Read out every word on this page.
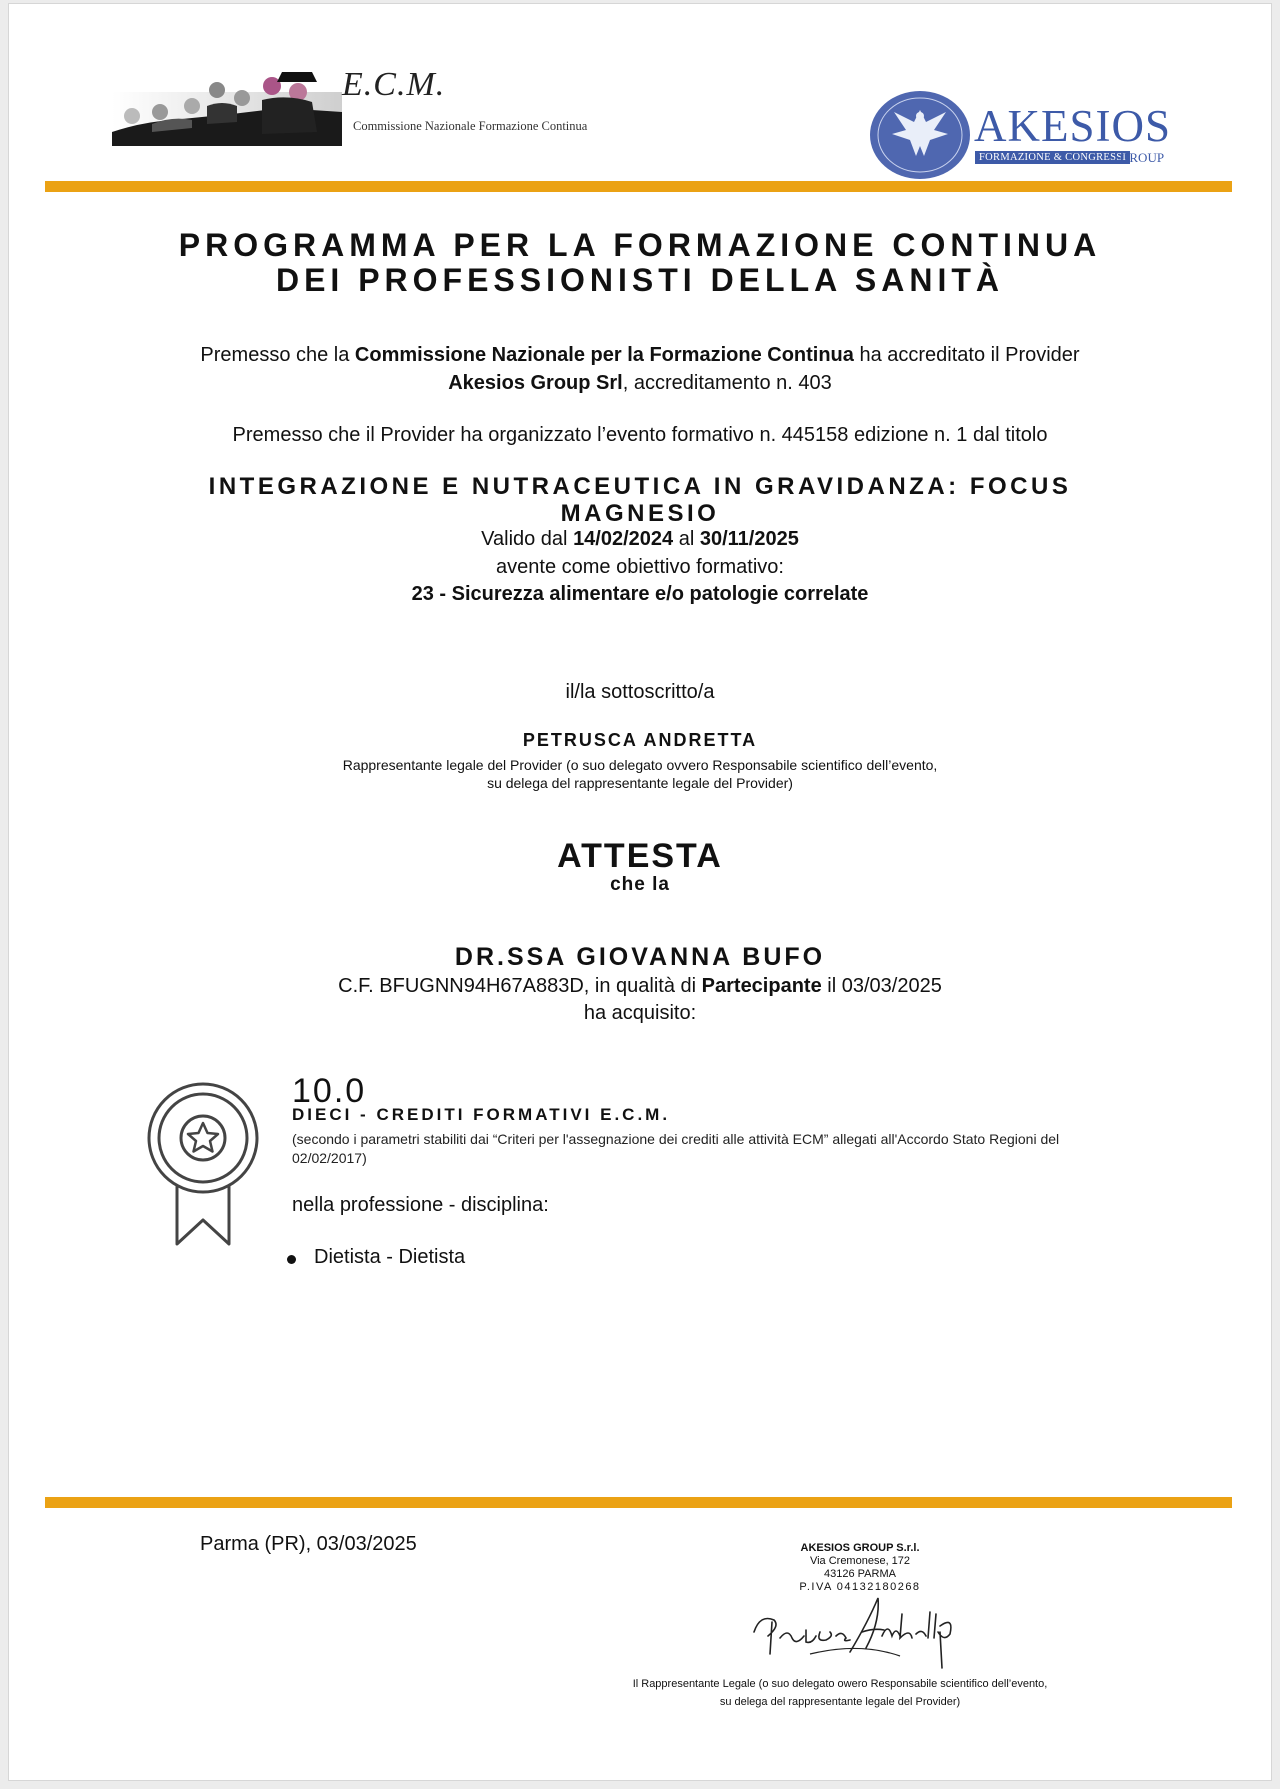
E.C.M.
Commissione Nazionale Formazione Continua	AKESIOS
FORMAZIONE & CONGRESSI
GROUP
PROGRAMMA PER LA FORMAZIONE CONTINUA
DEI PROFESSIONISTI DELLA SANITÀ
Premesso che la Commissione Nazionale per la Formazione Continua ha accreditato il Provider
Akesios Group Srl, accreditamento n. 403
Premesso che il Provider ha organizzato l’evento formativo n. 445158 edizione n. 1 dal titolo
INTEGRAZIONE E NUTRACEUTICA IN GRAVIDANZA: FOCUS MAGNESIO
Valido dal 14/02/2024 al 30/11/2025
avente come obiettivo formativo:
23 - Sicurezza alimentare e/o patologie correlate
il/la sottoscritto/a
PETRUSCA ANDRETTA
Rappresentante legale del Provider (o suo delegato ovvero Responsabile scientifico dell’evento,
su delega del rappresentante legale del Provider)
ATTESTA
che la
DR.SSA GIOVANNA BUFO
C.F. BFUGNN94H67A883D, in qualità di Partecipante il 03/03/2025
ha acquisito:
10.0
DIECI - CREDITI FORMATIVI E.C.M.
(secondo i parametri stabiliti dai “Criteri per l'assegnazione dei crediti alle attività ECM” allegati all'Accordo Stato Regioni del 02/02/2017)
nella professione - disciplina:
Dietista - Dietista
Parma (PR), 03/03/2025	AKESIOS GROUP S.r.l.
Via Cremonese, 172
43126 PARMA
P.IVA 04132180268
Il Rappresentante Legale (o suo delegato owero Responsabile scientifico dell’evento,
su delega del rappresentante legale del Provider)
